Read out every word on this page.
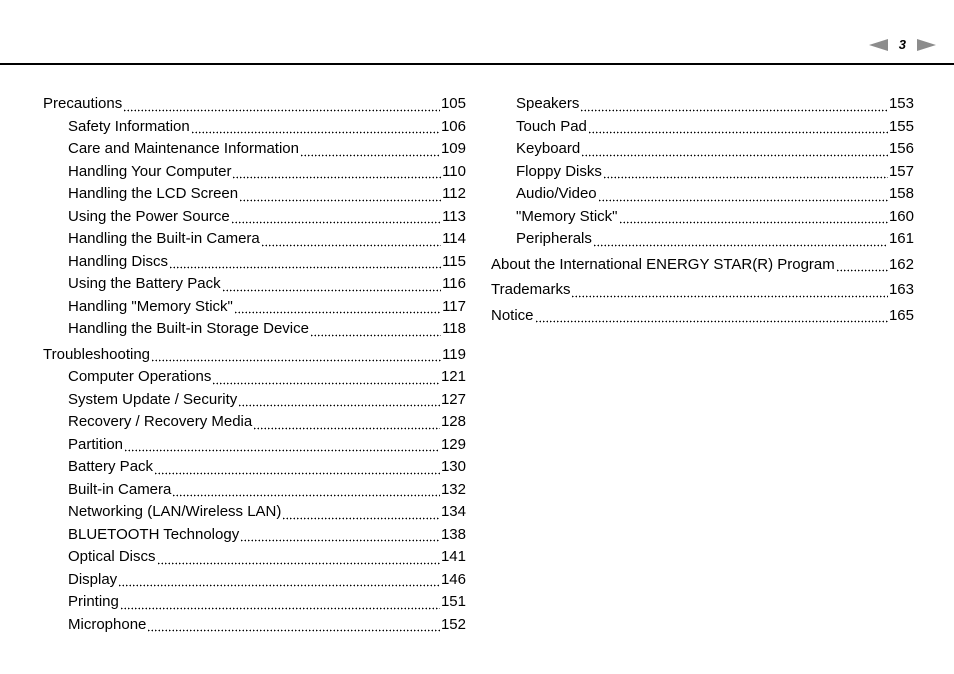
3
Precautions	105
Safety Information	106
Care and Maintenance Information	109
Handling Your Computer	110
Handling the LCD Screen	112
Using the Power Source	113
Handling the Built-in Camera	114
Handling Discs	115
Using the Battery Pack	116
Handling "Memory Stick"	117
Handling the Built-in Storage Device	118
Troubleshooting	119
Computer Operations	121
System Update / Security	127
Recovery / Recovery Media	128
Partition	129
Battery Pack	130
Built-in Camera	132
Networking (LAN/Wireless LAN)	134
BLUETOOTH Technology	138
Optical Discs	141
Display	146
Printing	151
Microphone	152
Speakers	153
Touch Pad	155
Keyboard	156
Floppy Disks	157
Audio/Video	158
"Memory Stick"	160
Peripherals	161
About the International ENERGY STAR(R) Program	162
Trademarks	163
Notice	165
